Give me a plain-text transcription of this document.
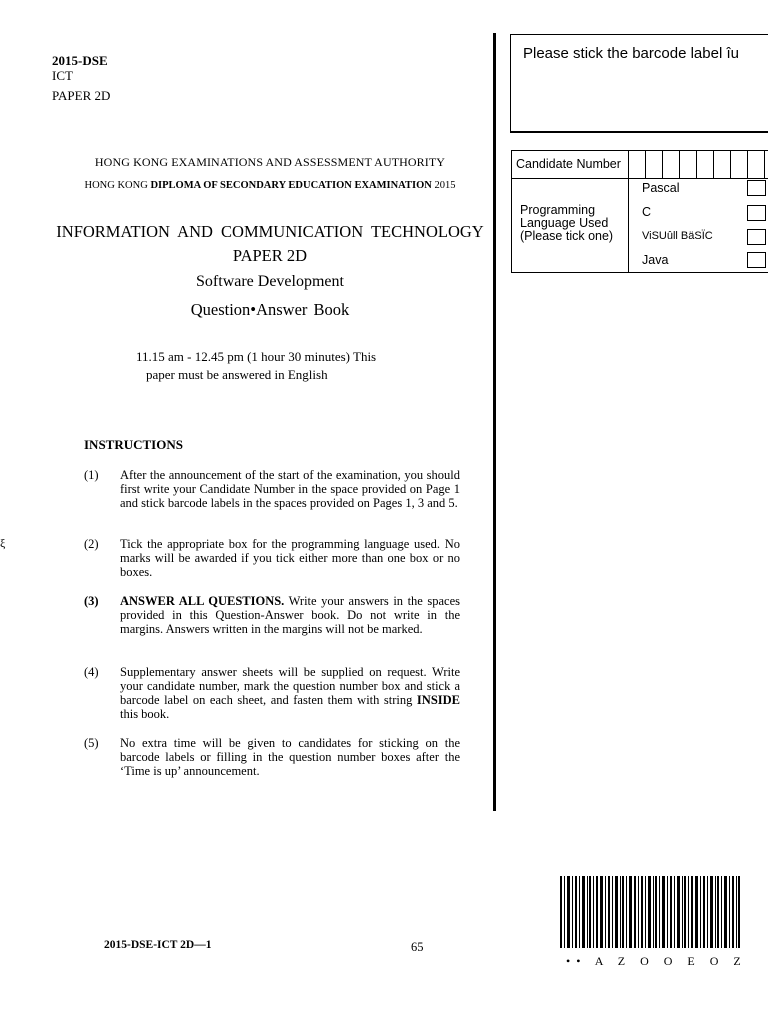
2015-DSE
ICT
PAPER 2D
HONG KONG EXAMINATIONS AND ASSESSMENT AUTHORITY
HONG KONG DIPLOMA OF SECONDARY EDUCATION EXAMINATION 2015
INFORMATION AND COMMUNICATION TECHNOLOGY
PAPER 2D
Software Development
Question•Answer Book
11.15 am - 12.45 pm (1 hour 30 minutes) This
paper must be answered in English
INSTRUCTIONS
(1) After the announcement of the start of the examination, you should first write your Candidate Number in the space provided on Page 1 and stick barcode labels in the spaces provided on Pages 1, 3 and 5.
(2) Tick the appropriate box for the programming language used. No marks will be awarded if you tick either more than one box or no boxes.
(3) ANSWER ALL QUESTIONS. Write your answers in the spaces provided in this Question-Answer book. Do not write in the margins. Answers written in the margins will not be marked.
(4) Supplementary answer sheets will be supplied on request. Write your candidate number, mark the question number box and stick a barcode label on each sheet, and fasten them with string INSIDE this book.
(5) No extra time will be given to candidates for sticking on the barcode labels or filling in the question number boxes after the ‘Time is up’ announcement.
ξ
Please stick the barcode label îu
Candidate Number
Programming
Language Used
(Please tick one)
Pascal
C
ViSUûll BäSÏC
Java
2015-DSE-ICT 2D—1	65
•• A Z O O E O Z
